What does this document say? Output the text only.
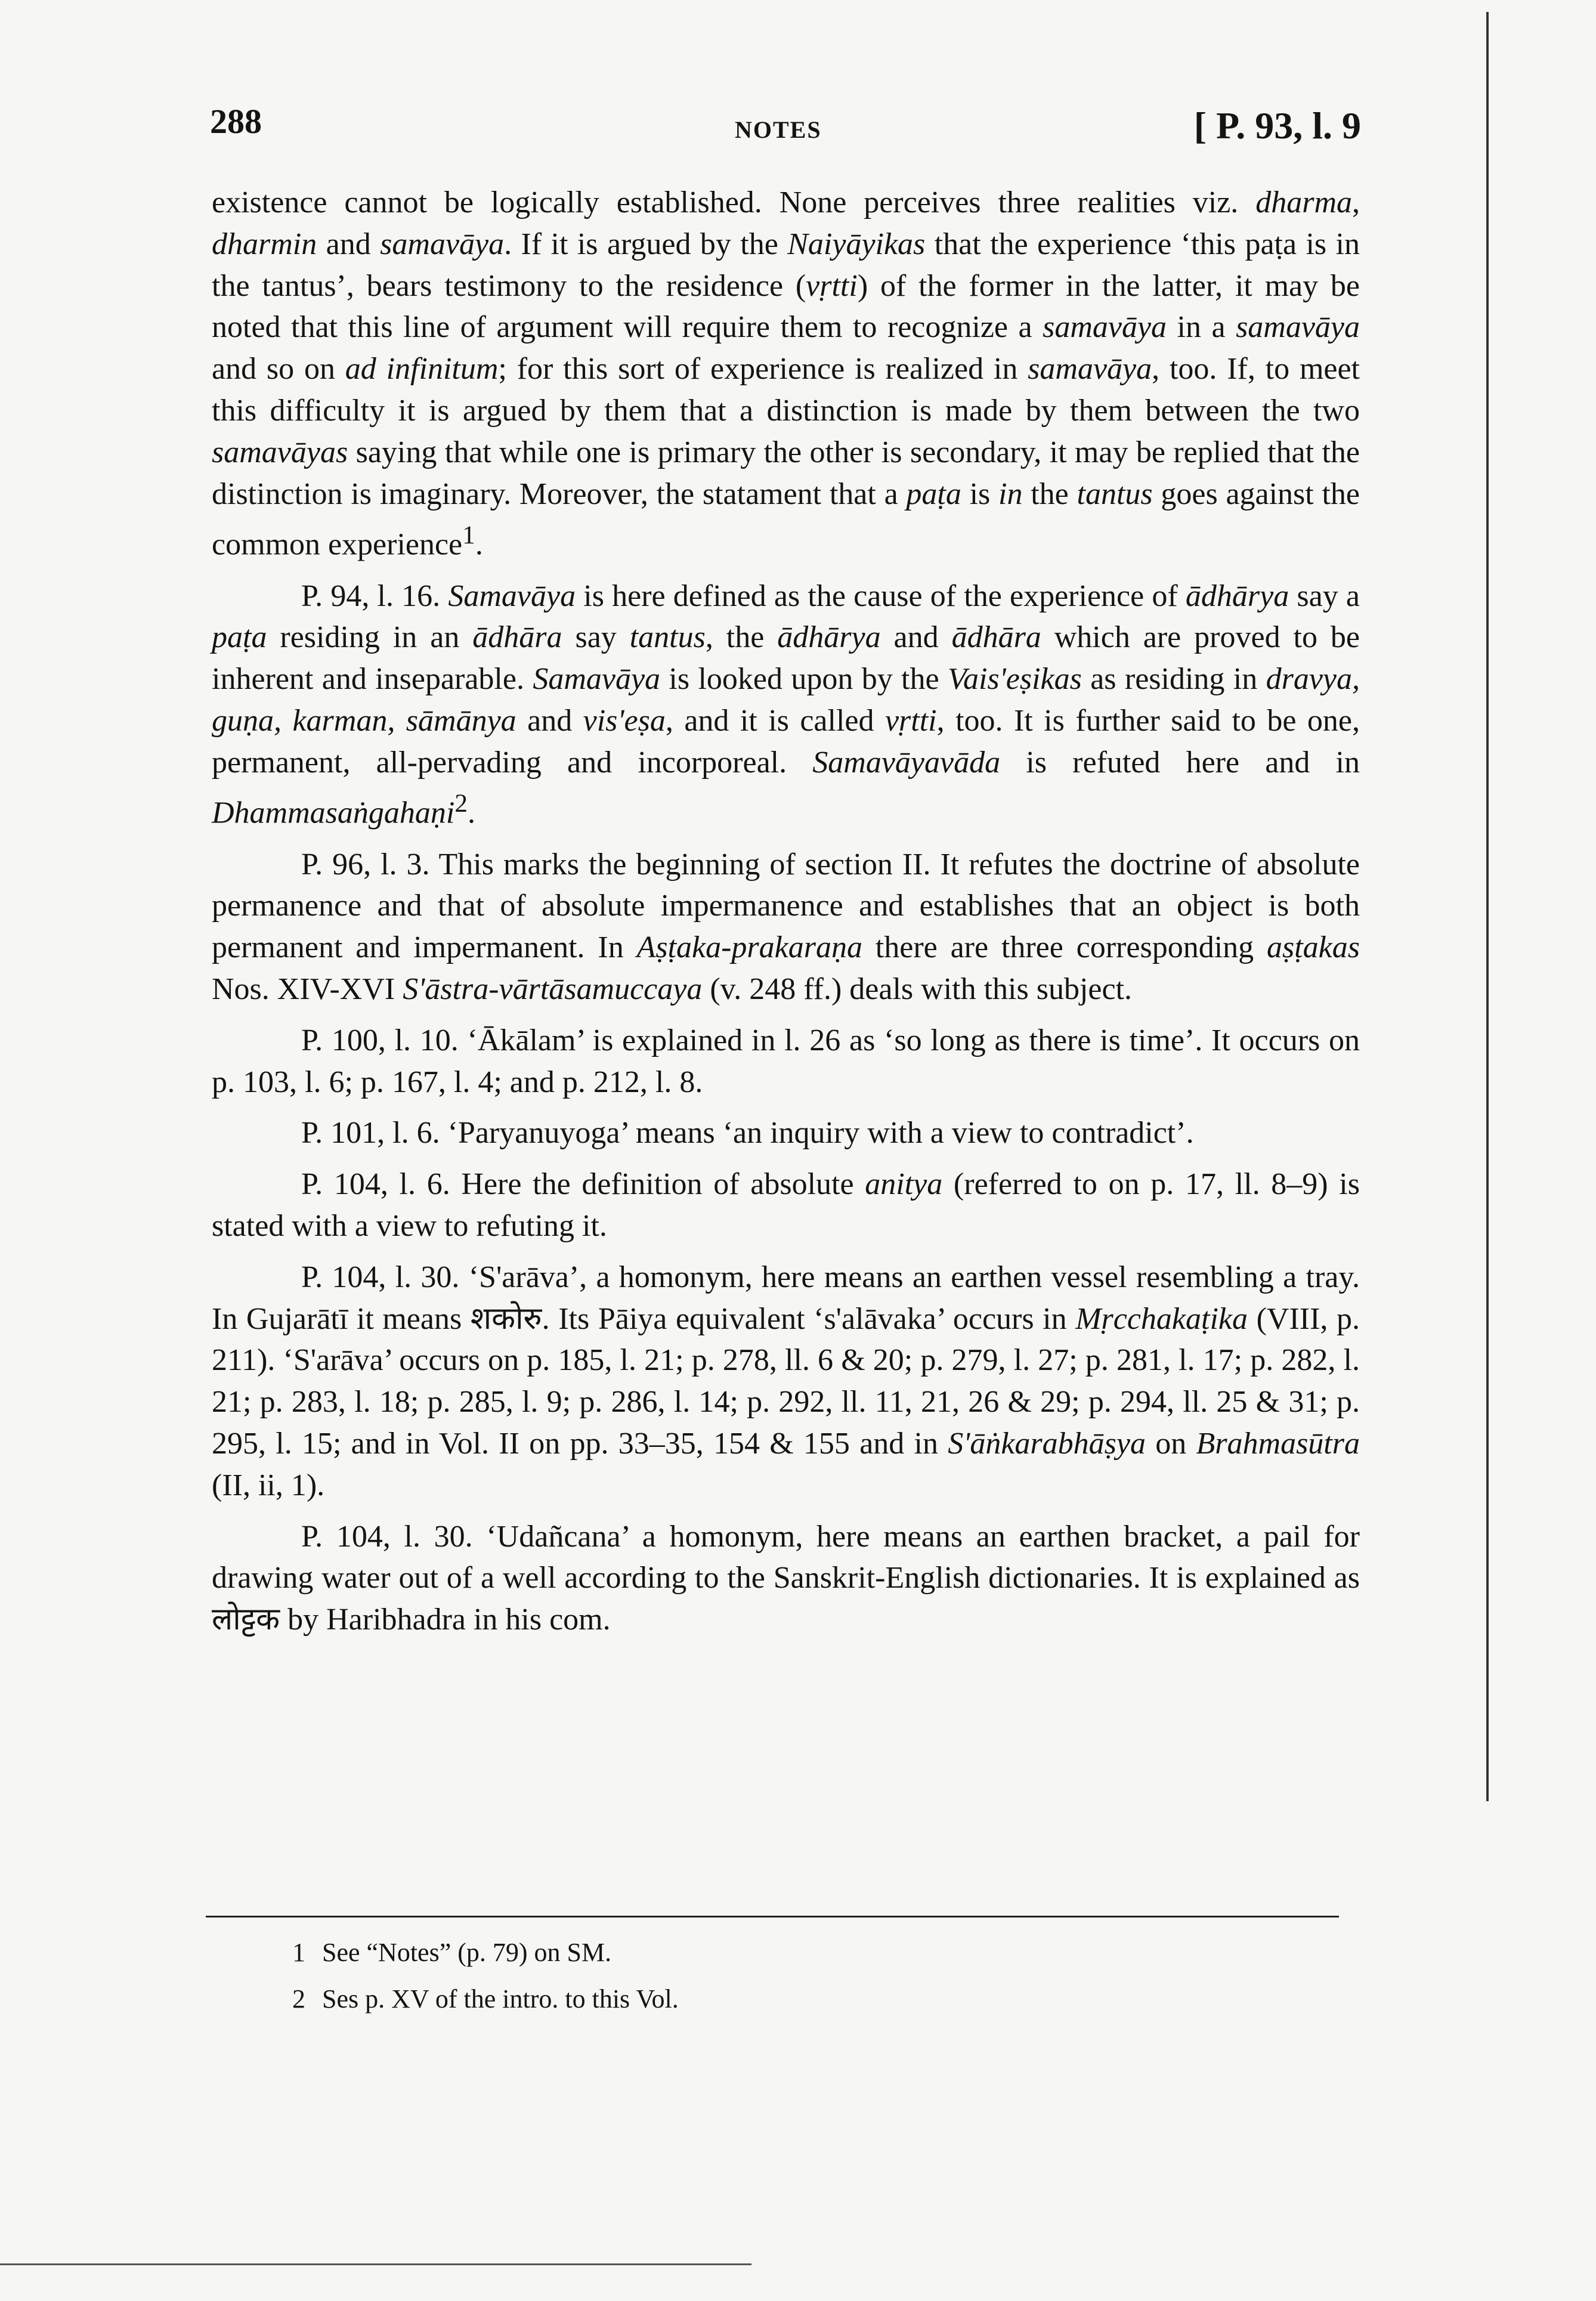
288	NOTES	[ P. 93, l. 9

existence cannot be logically established. None perceives three realities viz. dharma, dharmin and samavāya. If it is argued by the Naiyāyikas that the experience ‘this paṭa is in the tantus’, bears testimony to the residence (vṛtti) of the former in the latter, it may be noted that this line of argument will require them to recognize a samavāya in a samavāya and so on ad infinitum; for this sort of experience is realized in samavāya, too. If, to meet this difficulty it is argued by them that a distinction is made by them between the two samavāyas saying that while one is primary the other is secondary, it may be replied that the distinction is imaginary. Moreover, the statament that a paṭa is in the tantus goes against the common experience$^1$.

P. 94, l. 16. Samavāya is here defined as the cause of the experience of ādhārya say a paṭa residing in an ādhāra say tantus, the ādhārya and ādhāra which are proved to be inherent and inseparable. Samavāya is looked upon by the Vais'eṣikas as residing in dravya, guṇa, karman, sāmānya and vis'eṣa, and it is called vṛtti, too. It is further said to be one, permanent, all-pervading and incorporeal. Samavāyavāda is refuted here and in Dhammasaṅgahaṇi$^2$.

P. 96, l. 3. This marks the beginning of section II. It refutes the doctrine of absolute permanence and that of absolute impermanence and establishes that an object is both permanent and impermanent. In Aṣṭaka-prakaraṇa there are three corresponding aṣṭakas Nos. XIV-XVI S'āstra-vārtāsamuccaya (v. 248 ff.) deals with this subject.

P. 100, l. 10. ‘Ākālam’ is explained in l. 26 as ‘so long as there is time’. It occurs on p. 103, l. 6; p. 167, l. 4; and p. 212, l. 8.

P. 101, l. 6. ‘Paryanuyoga’ means ‘an inquiry with a view to contradict’.

P. 104, l. 6. Here the definition of absolute anitya (referred to on p. 17, ll. 8–9) is stated with a view to refuting it.

P. 104, l. 30. ‘S'arāva’, a homonym, here means an earthen vessel resembling a tray. In Gujarātī it means शकोरु. Its Pāiya equivalent ‘s'alāvaka’ occurs in Mṛcchakaṭika (VIII, p. 211). ‘S'arāva’ occurs on p. 185, l. 21; p. 278, ll. 6 & 20; p. 279, l. 27; p. 281, l. 17; p. 282, l. 21; p. 283, l. 18; p. 285, l. 9; p. 286, l. 14; p. 292, ll. 11, 21, 26 & 29; p. 294, ll. 25 & 31; p. 295, l. 15; and in Vol. II on pp. 33–35, 154 & 155 and in S'āṅkarabhāṣya on Brahmasūtra (II, ii, 1).

P. 104, l. 30. ‘Udañcana’ a homonym, here means an earthen bracket, a pail for drawing water out of a well according to the Sanskrit-English dictionaries. It is explained as लोट्टक by Haribhadra in his com.

1 See “Notes” (p. 79) on SM.
2 Ses p. XV of the intro. to this Vol.
